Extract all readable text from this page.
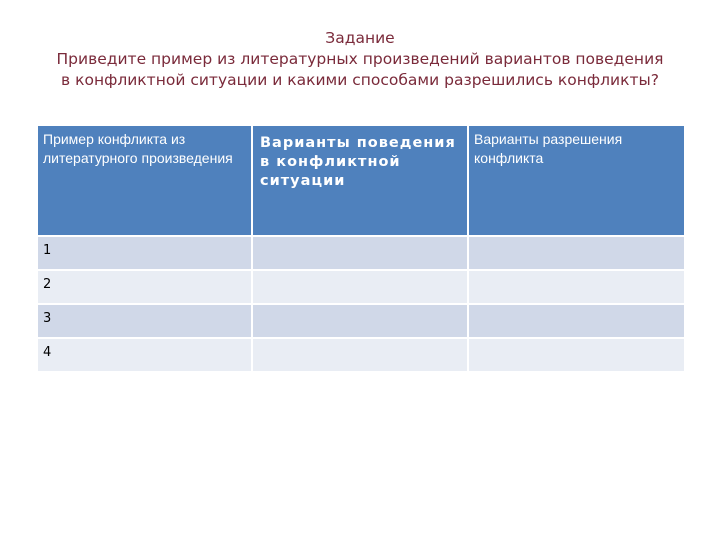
Задание
Приведите пример из литературных произведений вариантов поведения
в конфликтной ситуации и какими способами разрешились конфликты?
Пример конфликта из литературного произведения	Варианты поведения в конфликтной ситуации	Варианты разрешения конфликта

1		
2		
3		
4		
